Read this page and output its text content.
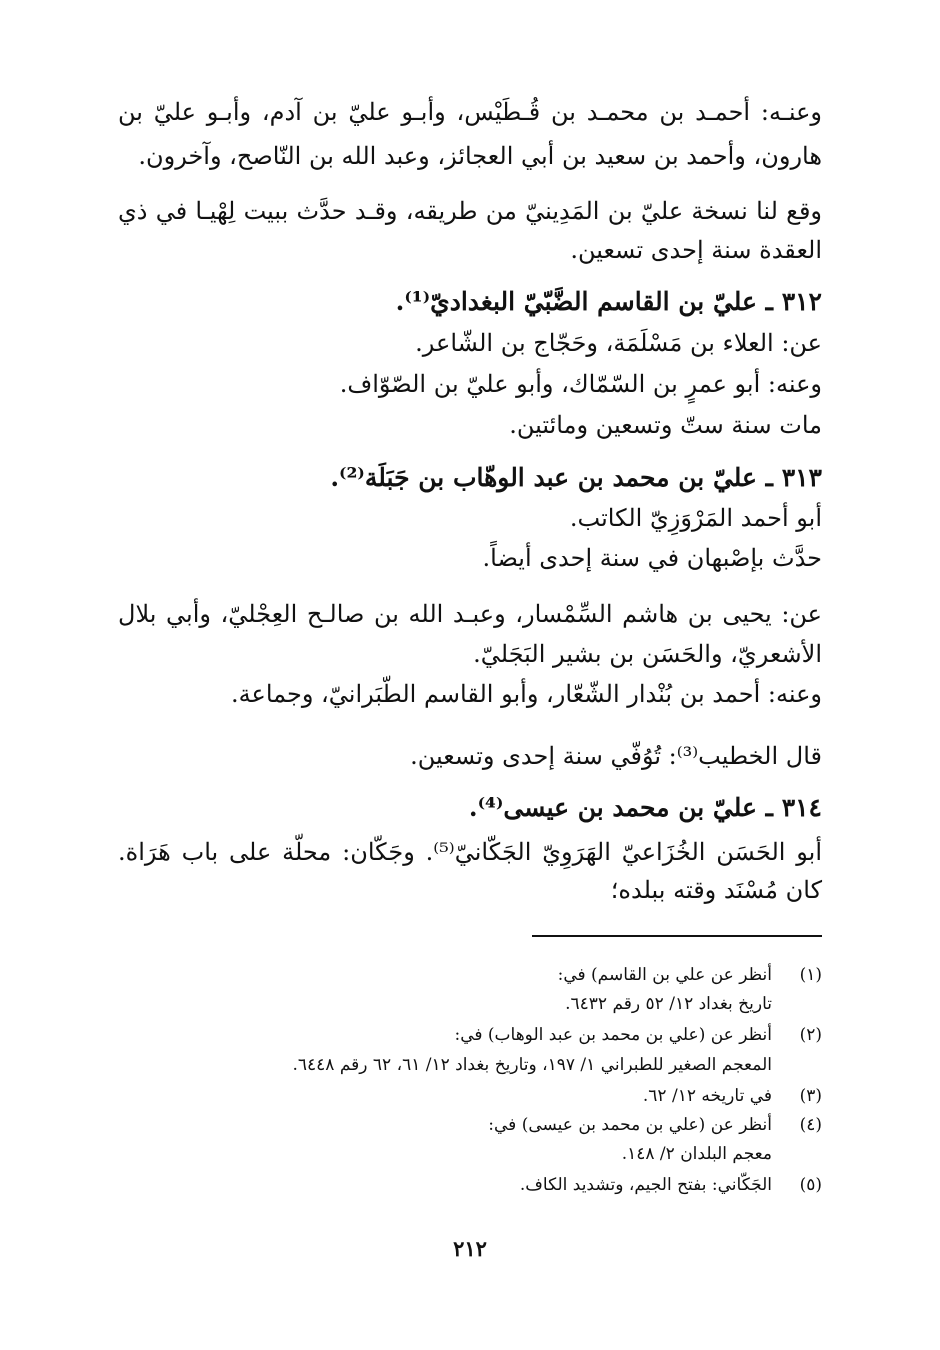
وعنـه: أحمـد بن محمـد بن قُـطَيْس، وأبـو عليّ بن آدم، وأبـو عليّ بن
هارون، وأحمد بن سعيد بن أبي العجائز، وعبد الله بن النّاصح، وآخرون.
وقع لنا نسخة عليّ بن المَدِينيّ من طريقه، وقـد حدَّث ببيت لِهْيـا في ذي
العقدة سنة إحدى تسعين.
٣١٢ ـ عليّ بن القاسم الضَّبّيّ البغداديّ⁽¹⁾.
عن: العلاء بن مَسْلَمَة، وحَجّاج بن الشّاعر.
وعنه: أبو عمرٍ بن السّمّاك، وأبو عليّ بن الصّوّاف.
مات سنة ستّ وتسعين ومائتين.
٣١٣ ـ عليّ بن محمد بن عبد الوهّاب بن جَبَلَة⁽²⁾.
أبو أحمد المَرْوَزِيّ الكاتب.
حدَّث بإصْبهان في سنة إحدى أيضاً.
عن: يحيى بن هاشم السِّمْسار، وعبـد الله بن صالـح العِجْليّ، وأبي بلال
الأشعريّ، والحَسَن بن بشير البَجَليّ.
وعنه: أحمد بن بُنْدار الشّعّار، وأبو القاسم الطّبَرانيّ، وجماعة.
قال الخطيب⁽³⁾: تُوُفّي سنة إحدى وتسعين.
٣١٤ ـ عليّ بن محمد بن عيسى⁽⁴⁾.
أبو الحَسَن الخُزَاعيّ الهَرَوِيّ الجَكّانيّ⁽⁵⁾. وجَكّان: محلّة على باب هَرَاة.
كان مُسْنَد وقته ببلده؛
(١)
أنظر عن علي بن القاسم) في:
تاريخ بغداد ١٢/ ٥٢ رقم ٦٤٣٢.
(٢)
أنظر عن (علي بن محمد بن عبد الوهاب) في:
المعجم الصغير للطبراني ١/ ١٩٧، وتاريخ بغداد ١٢/ ٦١، ٦٢ رقم ٦٤٤٨.
(٣)
في تاريخه ١٢/ ٦٢.
(٤)
أنظر عن (علي بن محمد بن عيسى) في:
معجم البلدان ٢/ ١٤٨.
(٥)
الجَكّاني: بفتح الجيم، وتشديد الكاف.
٢١٢
